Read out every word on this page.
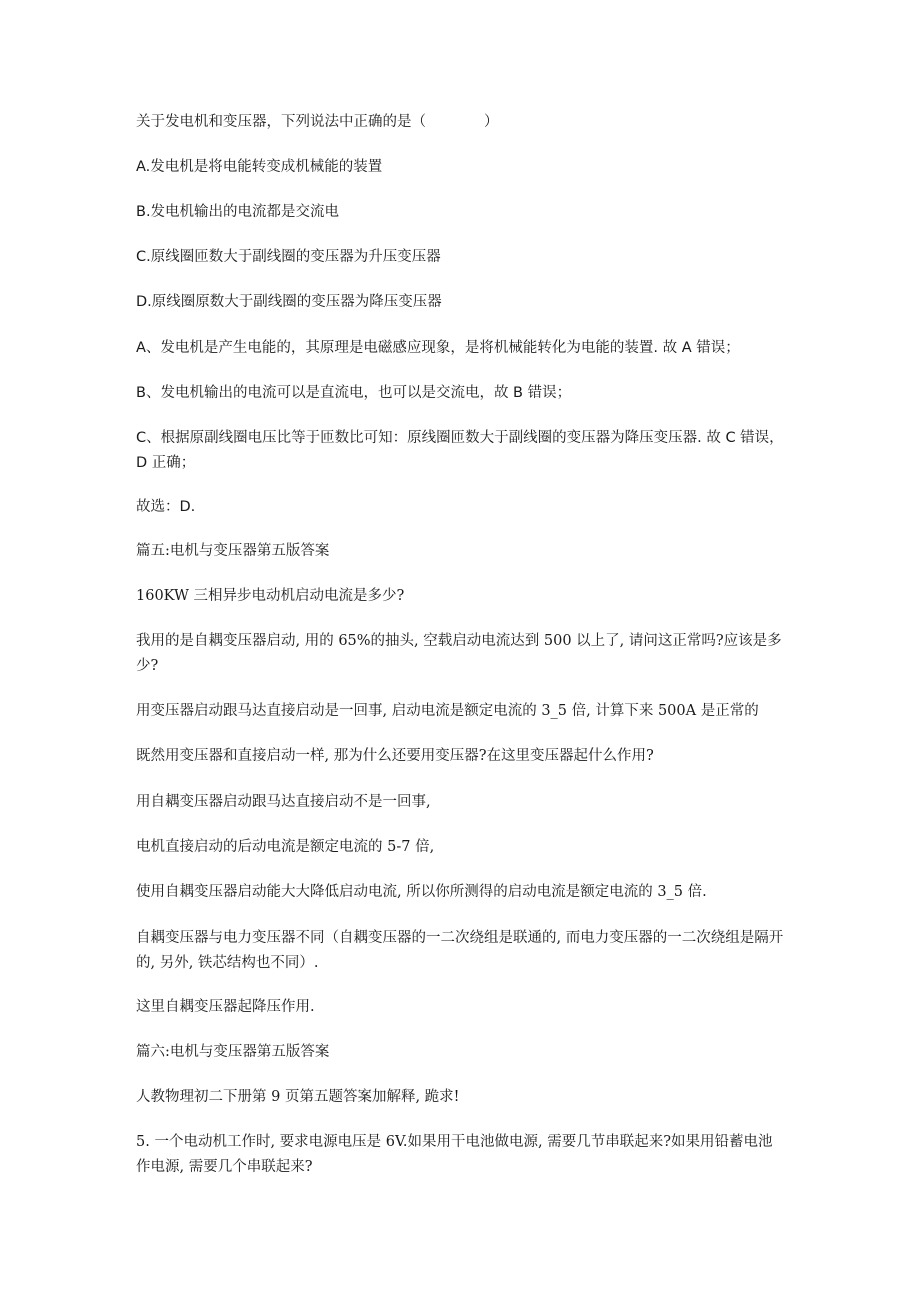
关于发电机和变压器，下列说法中正确的是（　　　　）

A.发电机是将电能转变成机械能的装置

B.发电机输出的电流都是交流电

C.原线圈匝数大于副线圈的变压器为升压变压器

D.原线圈原数大于副线圈的变压器为降压变压器

A、发电机是产生电能的，其原理是电磁感应现象，是将机械能转化为电能的装置. 故 A 错误；

B、发电机输出的电流可以是直流电，也可以是交流电，故 B 错误；

C、根据原副线圈电压比等于匝数比可知：原线圈匝数大于副线圈的变压器为降压变压器. 故 C 错误，D 正确；

故选：D.

篇五:电机与变压器第五版答案

160KW 三相异步电动机启动电流是多少?

我用的是自耦变压器启动, 用的 65%的抽头, 空载启动电流达到 500 以上了, 请问这正常吗?应该是多少?

用变压器启动跟马达直接启动是一回事, 启动电流是额定电流的 3_5 倍, 计算下来 500A 是正常的

既然用变压器和直接启动一样, 那为什么还要用变压器?在这里变压器起什么作用?

用自耦变压器启动跟马达直接启动不是一回事,

电机直接启动的后动电流是额定电流的 5-7 倍,

使用自耦变压器启动能大大降低启动电流, 所以你所测得的启动电流是额定电流的 3_5 倍.

自耦变压器与电力变压器不同（自耦变压器的一二次绕组是联通的, 而电力变压器的一二次绕组是隔开的, 另外, 铁芯结构也不同）.

这里自耦变压器起降压作用.

篇六:电机与变压器第五版答案

人教物理初二下册第 9 页第五题答案加解释, 跪求!

5. 一个电动机工作时, 要求电源电压是 6V.如果用干电池做电源, 需要几节串联起来?如果用铅蓄电池作电源, 需要几个串联起来?
